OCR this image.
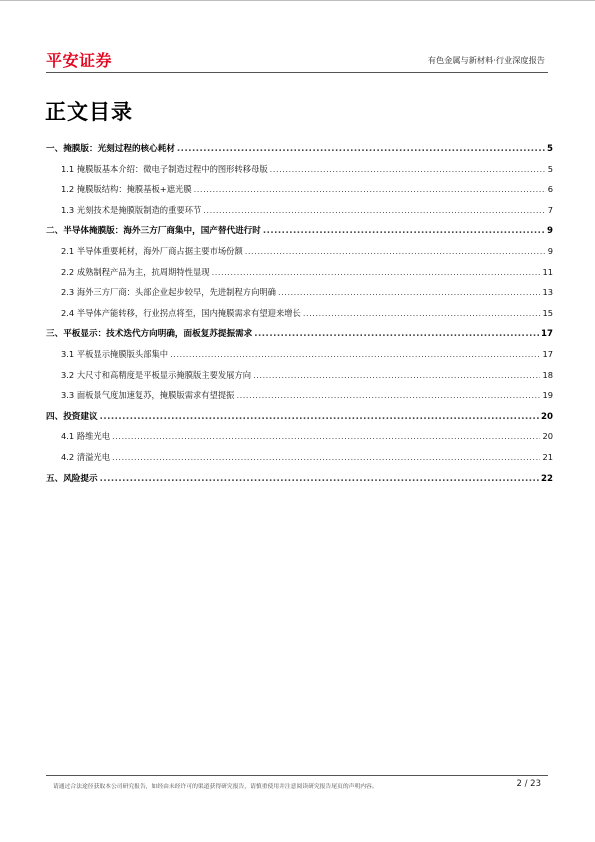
平安证券	有色金属与新材料·行业深度报告
正文目录
一、掩膜版：光刻过程的核心耗材 .....	5
1.1 掩膜版基本介绍：微电子制造过程中的图形转移母版 .....	5
1.2 掩膜版结构：掩膜基板+遮光膜 .....	6
1.3 光刻技术是掩膜版制造的重要环节 .....	7
二、半导体掩膜版：海外三方厂商集中，国产替代进行时 .....	9
2.1 半导体重要耗材，海外厂商占据主要市场份额 .....	9
2.2 成熟制程产品为主，抗周期特性显现 .....	11
2.3 海外三方厂商：头部企业起步较早，先进制程方向明确 .....	13
2.4 半导体产能转移，行业拐点将至，国内掩膜需求有望迎来增长 .....	15
三、平板显示：技术迭代方向明确，面板复苏提振需求 .....	17
3.1 平板显示掩膜版头部集中 .....	17
3.2 大尺寸和高精度是平板显示掩膜版主要发展方向 .....	18
3.3 面板景气度加速复苏，掩膜版需求有望提振 .....	19
四、投资建议 .....	20
4.1 路维光电 .....	20
4.2 清溢光电 .....	21
五、风险提示 .....	22
请通过合法途径获取本公司研究报告，如经由未经许可的渠道获得研究报告，请慎重使用并注意阅读研究报告尾页的声明内容。	2 / 23
